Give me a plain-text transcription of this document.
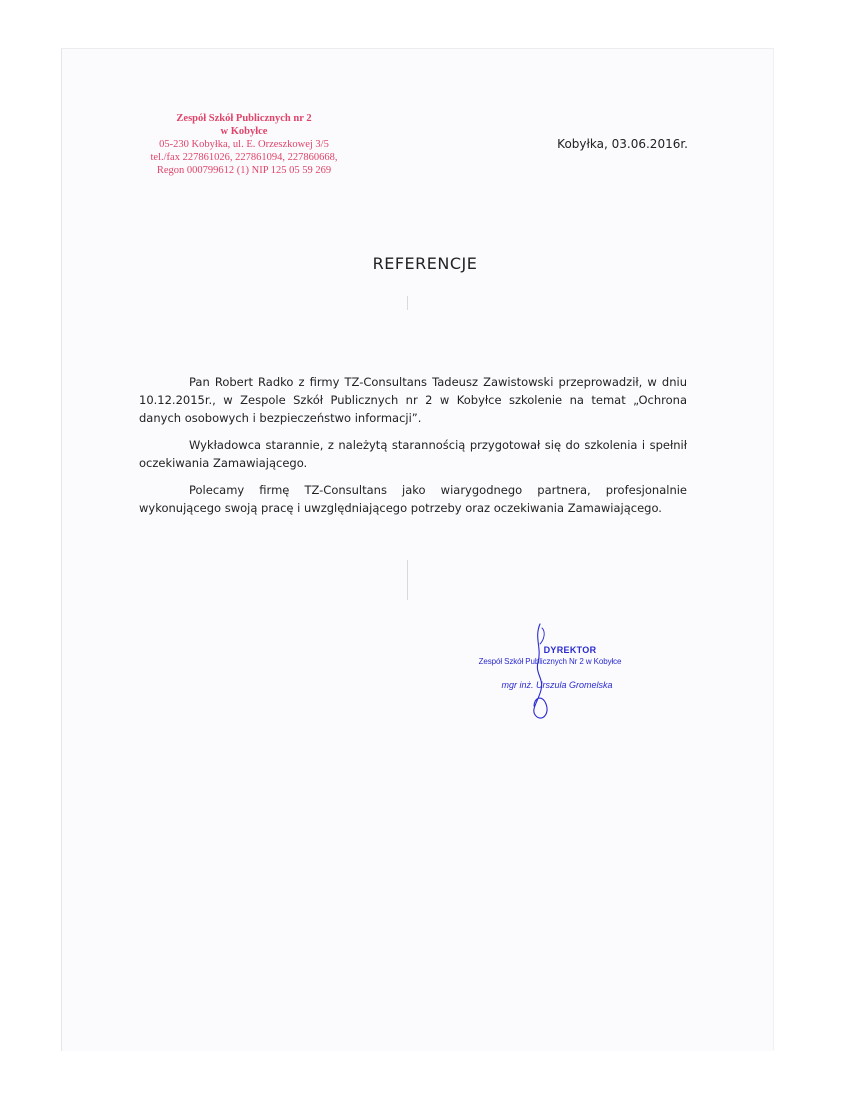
Zespół Szkół Publicznych nr 2
w Kobyłce
05-230 Kobyłka, ul. E. Orzeszkowej 3/5
tel./fax 227861026, 227861094, 227860668,
Regon 000799612 (1) NIP 125 05 59 269
Kobyłka, 03.06.2016r.
REFERENCJE

Pan Robert Radko z firmy TZ-Consultans Tadeusz Zawistowski przeprowadził, w dniu 10.12.2015r., w Zespole Szkół Publicznych nr 2 w Kobyłce szkolenie na temat „Ochrona danych osobowych i bezpieczeństwo informacji”.

Wykładowca starannie, z należytą starannością przygotował się do szkolenia i spełnił oczekiwania Zamawiającego.

Polecamy firmę TZ-Consultans jako wiarygodnego partnera, profesjonalnie wykonującego swoją pracę i uwzględniającego potrzeby oraz oczekiwania Zamawiającego.

DYREKTOR
Zespół Szkół Publicznych Nr 2 w Kobyłce
mgr inż. Urszula Gromelska
